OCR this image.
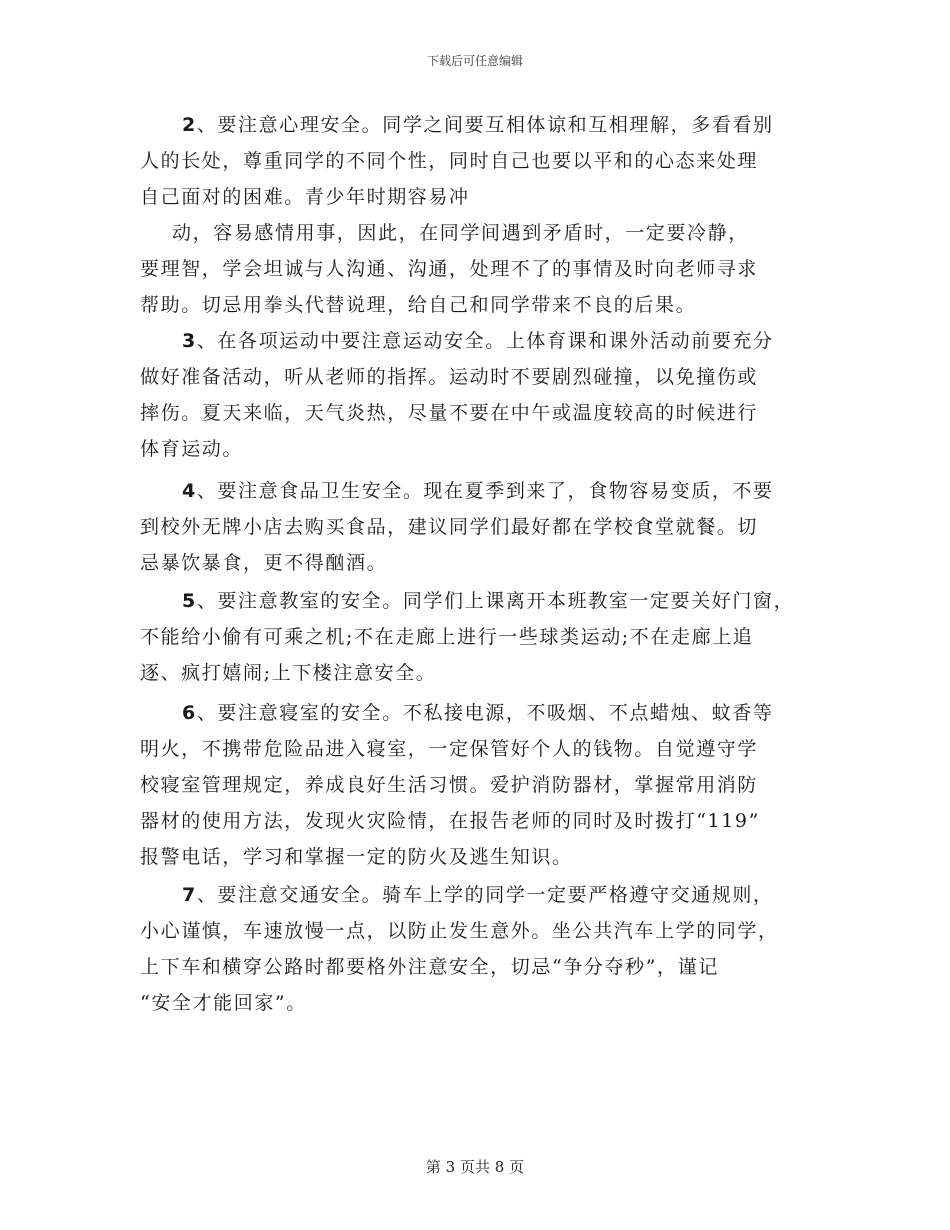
下载后可任意编辑
2、要注意心理安全。同学之间要互相体谅和互相理解，多看看别
人的长处，尊重同学的不同个性，同时自己也要以平和的心态来处理
自己面对的困难。青少年时期容易冲
动，容易感情用事，因此，在同学间遇到矛盾时，一定要冷静，
要理智，学会坦诚与人沟通、沟通，处理不了的事情及时向老师寻求
帮助。切忌用拳头代替说理，给自己和同学带来不良的后果。
3、在各项运动中要注意运动安全。上体育课和课外活动前要充分
做好准备活动，听从老师的指挥。运动时不要剧烈碰撞，以免撞伤或
摔伤。夏天来临，天气炎热，尽量不要在中午或温度较高的时候进行
体育运动。
4、要注意食品卫生安全。现在夏季到来了，食物容易变质，不要
到校外无牌小店去购买食品，建议同学们最好都在学校食堂就餐。切
忌暴饮暴食，更不得酗酒。
5、要注意教室的安全。同学们上课离开本班教室一定要关好门窗，
不能给小偷有可乘之机;不在走廊上进行一些球类运动;不在走廊上追
逐、疯打嬉闹;上下楼注意安全。
6、要注意寝室的安全。不私接电源，不吸烟、不点蜡烛、蚊香等
明火，不携带危险品进入寝室，一定保管好个人的钱物。自觉遵守学
校寝室管理规定，养成良好生活习惯。爱护消防器材，掌握常用消防
器材的使用方法，发现火灾险情，在报告老师的同时及时拨打“119”
报警电话，学习和掌握一定的防火及逃生知识。
7、要注意交通安全。骑车上学的同学一定要严格遵守交通规则，
小心谨慎，车速放慢一点，以防止发生意外。坐公共汽车上学的同学，
上下车和横穿公路时都要格外注意安全，切忌“争分夺秒”，谨记
“安全才能回家”。
第 3 页共 8 页
